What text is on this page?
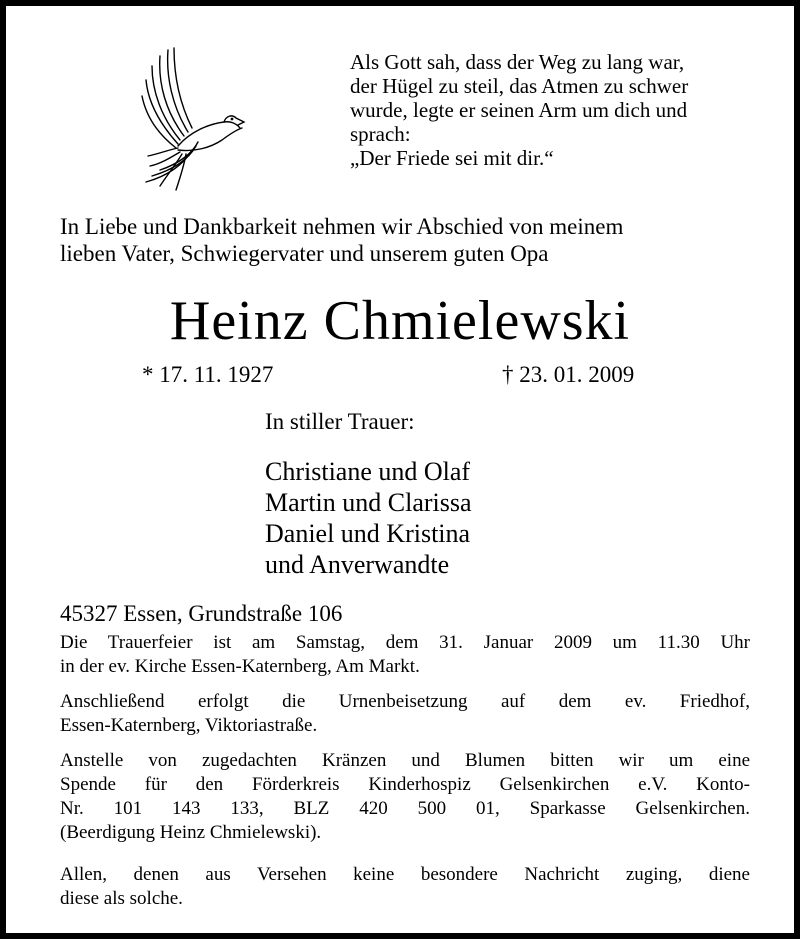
Als Gott sah, dass der Weg zu lang war,
der Hügel zu steil, das Atmen zu schwer
wurde, legte er seinen Arm um dich und
sprach:
„Der Friede sei mit dir.“
In Liebe und Dankbarkeit nehmen wir Abschied von meinem
lieben Vater, Schwiegervater und unserem guten Opa
Heinz Chmielewski
* 17. 11. 1927	† 23. 01. 2009
In stiller Trauer:
Christiane und Olaf
Martin und Clarissa
Daniel und Kristina
und Anverwandte
45327 Essen, Grundstraße 106
Die Trauerfeier ist am Samstag, dem 31. Januar 2009 um 11.30 Uhr
in der ev. Kirche Essen-Katernberg, Am Markt.
Anschließend erfolgt die Urnenbeisetzung auf dem ev. Friedhof,
Essen-Katernberg, Viktoriastraße.
Anstelle von zugedachten Kränzen und Blumen bitten wir um eine
Spende für den Förderkreis Kinderhospiz Gelsenkirchen e.V. Konto-
Nr. 101 143 133, BLZ 420 500 01, Sparkasse Gelsenkirchen.
(Beerdigung Heinz Chmielewski).
Allen, denen aus Versehen keine besondere Nachricht zuging, diene
diese als solche.
